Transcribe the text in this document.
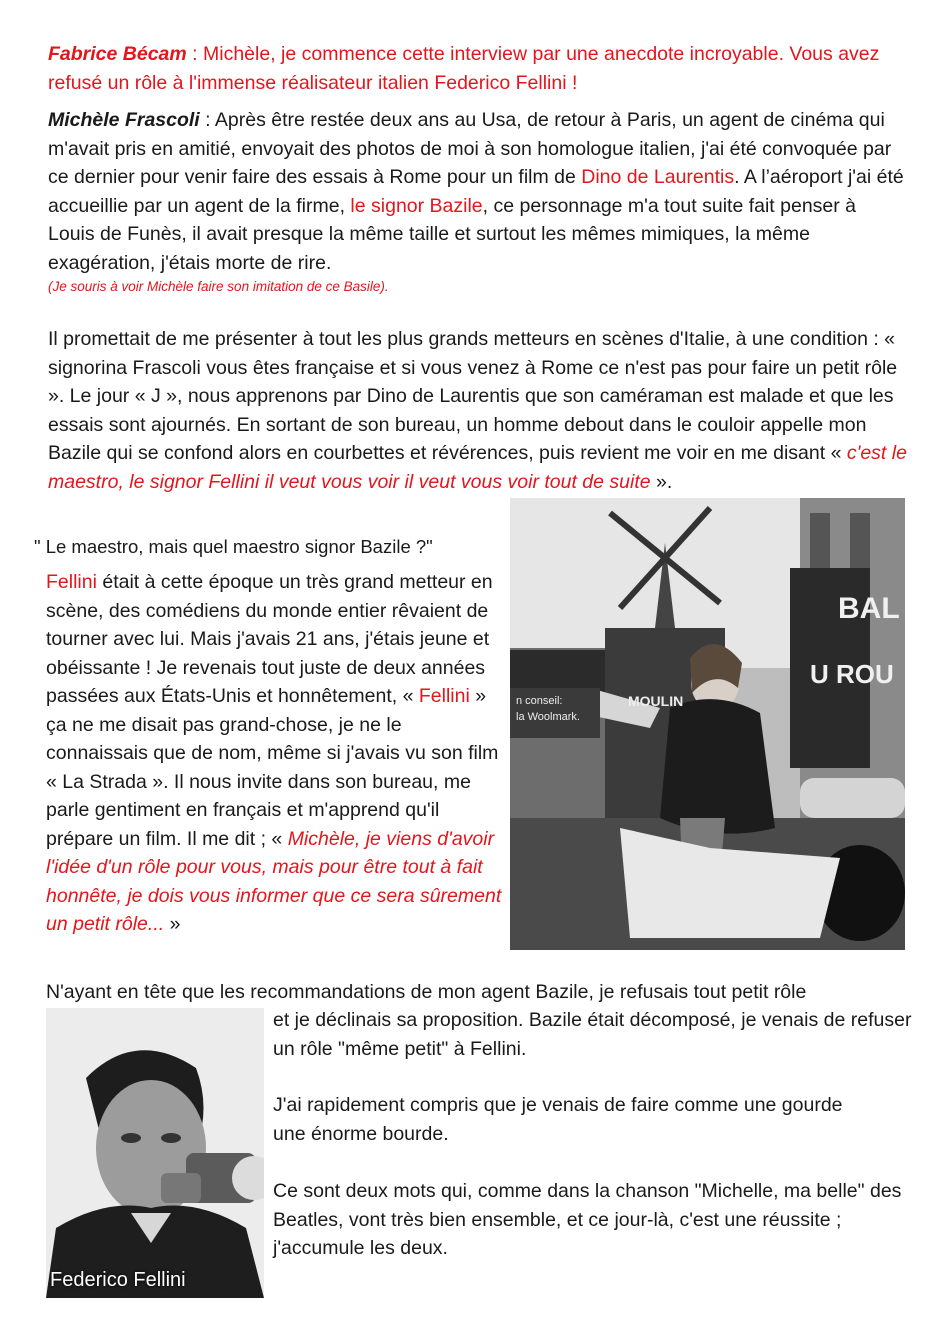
Fabrice Bécam : Michèle, je commence cette interview par une anecdote incroyable. Vous avez refusé un rôle à l'immense réalisateur italien Federico Fellini !
Michèle Frascoli : Après être restée deux ans au Usa, de retour à Paris, un agent de cinéma qui m'avait pris en amitié, envoyait des photos de moi à son homologue italien, j'ai été convoquée par ce dernier pour venir faire des essais à Rome pour un film de Dino de Laurentis. A l’aéroport j'ai été accueillie par un agent de la firme, le signor Bazile, ce personnage m'a tout suite fait penser à Louis de Funès, il avait presque la même taille et surtout les mêmes mimiques, la même exagération, j'étais morte de rire.
(Je souris à voir Michèle faire son imitation de ce Basile).
Il promettait de me présenter à tout les plus grands metteurs en scènes d'Italie, à une condition : « signorina Frascoli vous êtes française et si vous venez à Rome ce n'est pas pour faire un petit rôle ». Le jour « J », nous apprenons par Dino de Laurentis que son caméraman est malade et que les essais sont ajournés. En sortant de son bureau, un homme debout dans le couloir appelle mon Bazile qui se confond alors en courbettes et révérences, puis revient me voir en me disant « c'est le maestro, le signor Fellini il veut vous voir il veut vous voir tout de suite ».
" Le maestro, mais quel maestro signor Bazile ?"
Fellini était à cette époque un très grand metteur en scène, des comédiens du monde entier rêvaient de tourner avec lui. Mais j'avais 21 ans, j'étais jeune et obéissante ! Je revenais tout juste de deux années passées aux États-Unis et honnêtement, « Fellini » ça ne me disait pas grand-chose, je ne le connaissais que de nom, même si j'avais vu son film « La Strada ». Il nous invite dans son bureau, me parle gentiment en français et m'apprend qu'il prépare un film. Il me dit ; « Michèle, je viens d'avoir l'idée d'un rôle pour vous, mais pour être tout à fait honnête, je dois vous informer que ce sera sûrement un petit rôle... »
n conseil:
la Woolmark.
MOULIN
BAL
U ROU
N'ayant en tête que les recommandations de mon agent Bazile, je refusais tout petit rôle
Federico Fellini
et je déclinais sa proposition. Bazile était décomposé, je venais de refuser un rôle "même petit" à Fellini.
J'ai rapidement compris que je venais de faire comme une gourde une énorme bourde.
Ce sont deux mots qui, comme dans la chanson "Michelle, ma belle" des Beatles, vont très bien ensemble, et ce jour-là, c'est une réussite ; j'accumule les deux.
